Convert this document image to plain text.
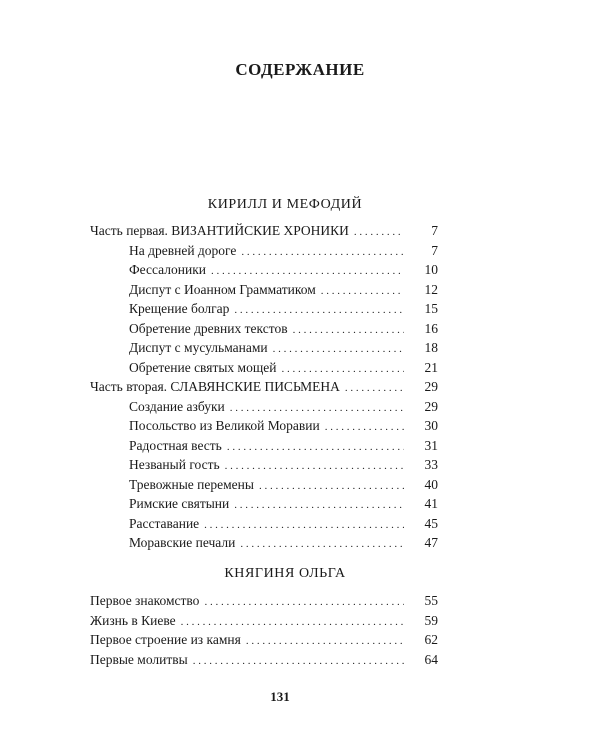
СОДЕРЖАНИЕ
КИРИЛЛ И МЕФОДИЙ
Часть первая. ВИЗАНТИЙСКИЕ ХРОНИКИ . . .	7
На древней дороге . . .	7
Фессалоники . . .	10
Диспут с Иоанном Грамматиком . . .	12
Крещение болгар . . .	15
Обретение древних текстов . . .	16
Диспут с мусульманами . . .	18
Обретение святых мощей . . .	21
Часть вторая. СЛАВЯНСКИЕ ПИСЬМЕНА . . .	29
Создание азбуки . . .	29
Посольство из Великой Моравии . . .	30
Радостная весть . . .	31
Незваный гость . . .	33
Тревожные перемены . . .	40
Римские святыни . . .	41
Расставание . . .	45
Моравские печали . . .	47
КНЯГИНЯ ОЛЬГА
Первое знакомство . . .	55
Жизнь в Киеве . . .	59
Первое строение из камня . . .	62
Первые молитвы . . .	64
131
